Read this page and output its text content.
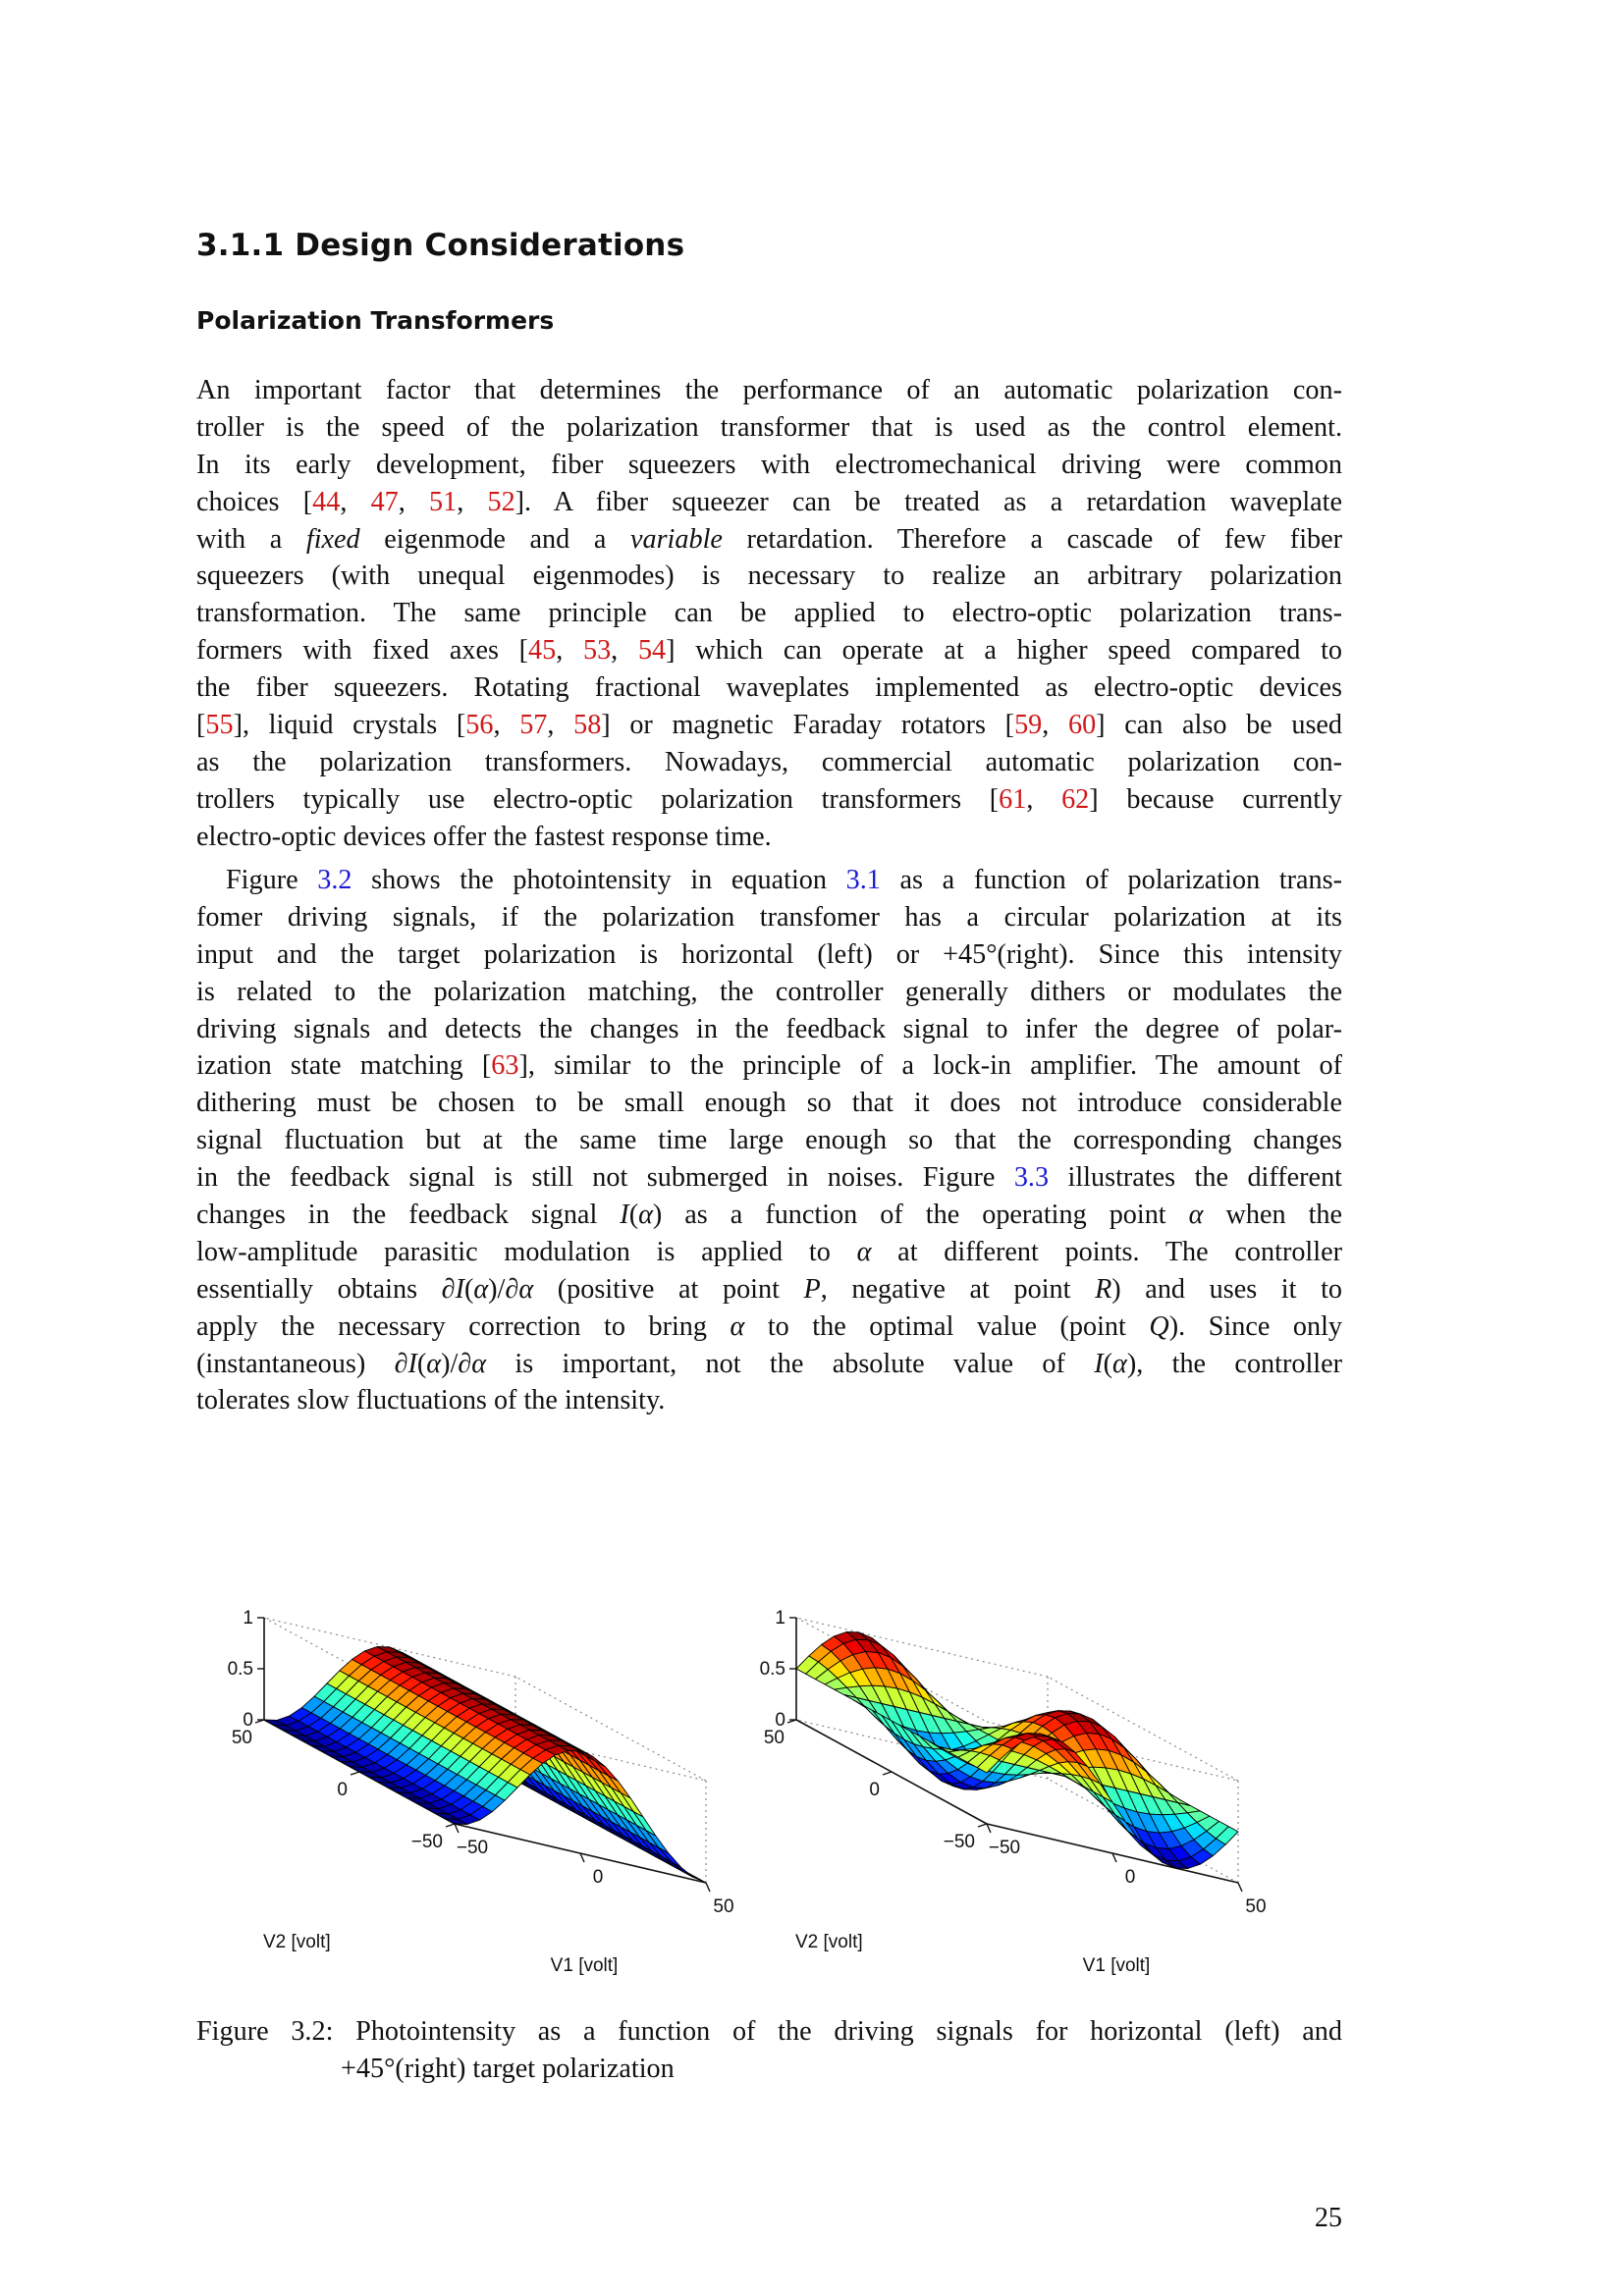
3.1.1 Design Considerations
Polarization Transformers
An important factor that determines the performance of an automatic polarization con-
troller is the speed of the polarization transformer that is used as the control element.
In its early development, fiber squeezers with electromechanical driving were common
choices [44, 47, 51, 52]. A fiber squeezer can be treated as a retardation waveplate
with a fixed eigenmode and a variable retardation. Therefore a cascade of few fiber
squeezers (with unequal eigenmodes) is necessary to realize an arbitrary polarization
transformation. The same principle can be applied to electro-optic polarization trans-
formers with fixed axes [45, 53, 54] which can operate at a higher speed compared to
the fiber squeezers. Rotating fractional waveplates implemented as electro-optic devices
[55], liquid crystals [56, 57, 58] or magnetic Faraday rotators [59, 60] can also be used
as the polarization transformers. Nowadays, commercial automatic polarization con-
trollers typically use electro-optic polarization transformers [61, 62] because currently
electro-optic devices offer the fastest response time.
Figure 3.2 shows the photointensity in equation 3.1 as a function of polarization trans-
fomer driving signals, if the polarization transfomer has a circular polarization at its
input and the target polarization is horizontal (left) or +45°(right). Since this intensity
is related to the polarization matching, the controller generally dithers or modulates the
driving signals and detects the changes in the feedback signal to infer the degree of polar-
ization state matching [63], similar to the principle of a lock-in amplifier. The amount of
dithering must be chosen to be small enough so that it does not introduce considerable
signal fluctuation but at the same time large enough so that the corresponding changes
in the feedback signal is still not submerged in noises. Figure 3.3 illustrates the different
changes in the feedback signal I(α) as a function of the operating point α when the
low-amplitude parasitic modulation is applied to α at different points. The controller
essentially obtains ∂I(α)/∂α (positive at point P, negative at point R) and uses it to
apply the necessary correction to bring α to the optimal value (point Q). Since only
(instantaneous) ∂I(α)/∂α is important, not the absolute value of I(α), the controller
tolerates slow fluctuations of the intensity.
1
0.5
0
50
0
−50 −50
0
50
V2 [volt]
V1 [volt]
1
0.5
0
50
0
−50 −50
0
50
V2 [volt]
V1 [volt]
Figure 3.2: Photointensity as a function of the driving signals for horizontal (left) and
+45°(right) target polarization
25
